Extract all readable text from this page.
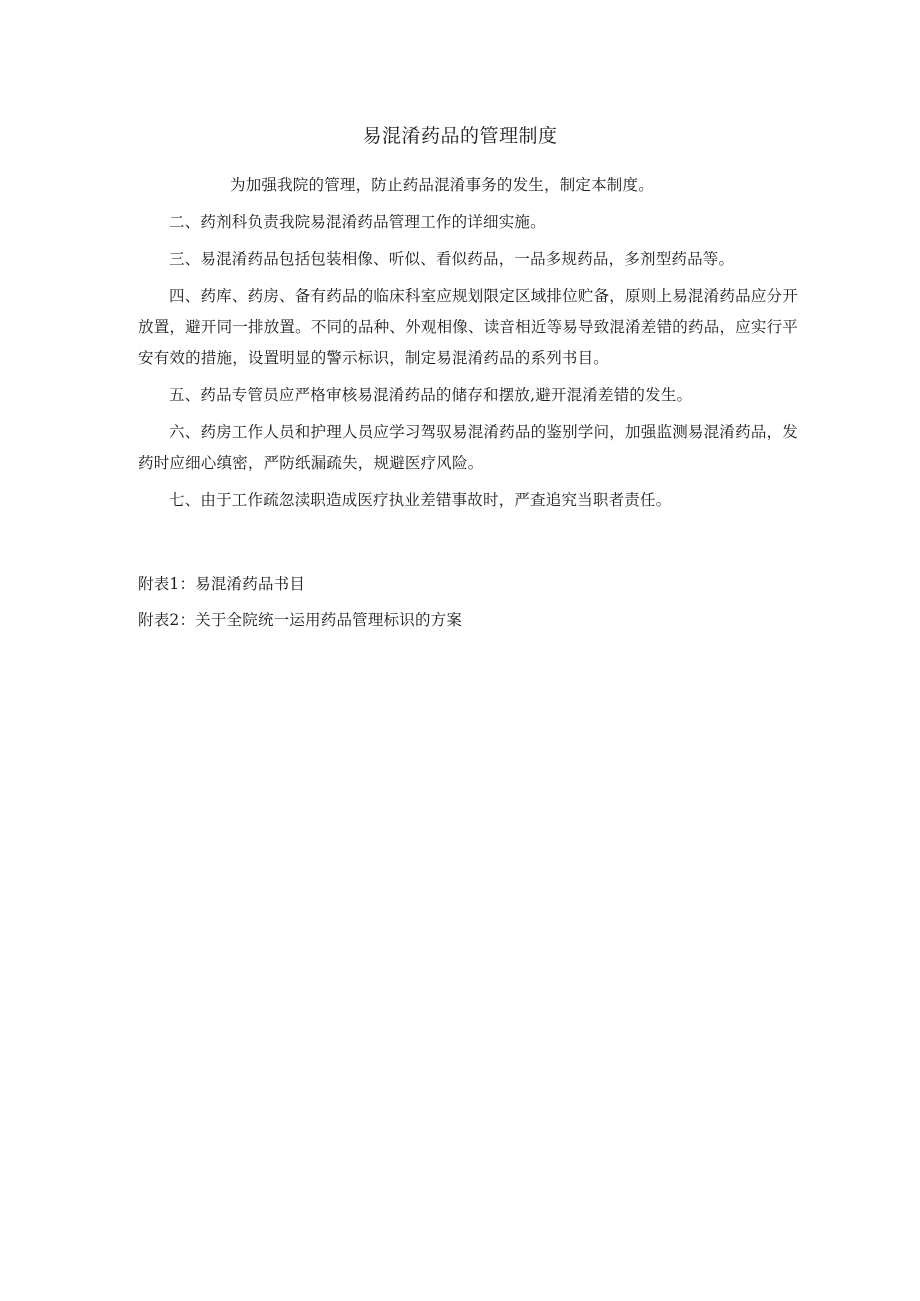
易混淆药品的管理制度

为加强我院的管理，防止药品混淆事务的发生，制定本制度。

二、药剂科负责我院易混淆药品管理工作的详细实施。

三、易混淆药品包括包装相像、听似、看似药品，一品多规药品，多剂型药品等。

四、药库、药房、备有药品的临床科室应规划限定区域排位贮备，原则上易混淆药品应分开放置，避开同一排放置。不同的品种、外观相像、读音相近等易导致混淆差错的药品，应实行平安有效的措施，设置明显的警示标识，制定易混淆药品的系列书目。

五、药品专管员应严格审核易混淆药品的储存和摆放,避开混淆差错的发生。

六、药房工作人员和护理人员应学习驾驭易混淆药品的鉴别学问，加强监测易混淆药品，发药时应细心缜密，严防纸漏疏失，规避医疗风险。

七、由于工作疏忽渎职造成医疗执业差错事故时，严查追究当职者责任。

附表1：易混淆药品书目

附表2：关于全院统一运用药品管理标识的方案
